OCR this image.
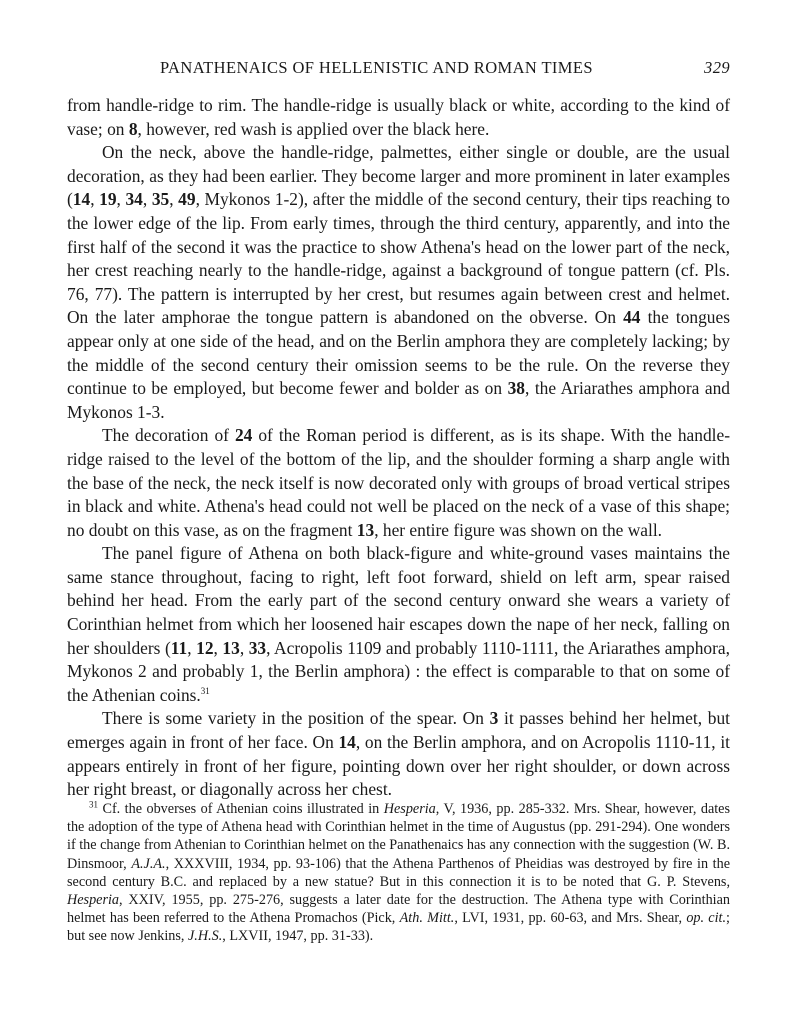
PANATHENAICS OF HELLENISTIC AND ROMAN TIMES	329

from handle-ridge to rim. The handle-ridge is usually black or white, according to the kind of vase; on 8, however, red wash is applied over the black here.

On the neck, above the handle-ridge, palmettes, either single or double, are the usual decoration, as they had been earlier. They become larger and more prominent in later examples (14, 19, 34, 35, 49, Mykonos 1-2), after the middle of the second century, their tips reaching to the lower edge of the lip. From early times, through the third century, apparently, and into the first half of the second it was the practice to show Athena's head on the lower part of the neck, her crest reaching nearly to the handle-ridge, against a background of tongue pattern (cf. Pls. 76, 77). The pattern is interrupted by her crest, but resumes again between crest and helmet. On the later amphorae the tongue pattern is abandoned on the obverse. On 44 the tongues appear only at one side of the head, and on the Berlin amphora they are completely lacking; by the middle of the second century their omission seems to be the rule. On the reverse they continue to be employed, but become fewer and bolder as on 38, the Ariarathes amphora and Mykonos 1-3.

The decoration of 24 of the Roman period is different, as is its shape. With the handle-ridge raised to the level of the bottom of the lip, and the shoulder forming a sharp angle with the base of the neck, the neck itself is now decorated only with groups of broad vertical stripes in black and white. Athena's head could not well be placed on the neck of a vase of this shape; no doubt on this vase, as on the fragment 13, her entire figure was shown on the wall.

The panel figure of Athena on both black-figure and white-ground vases maintains the same stance throughout, facing to right, left foot forward, shield on left arm, spear raised behind her head. From the early part of the second century onward she wears a variety of Corinthian helmet from which her loosened hair escapes down the nape of her neck, falling on her shoulders (11, 12, 13, 33, Acropolis 1109 and probably 1110-1111, the Ariarathes amphora, Mykonos 2 and probably 1, the Berlin amphora) : the effect is comparable to that on some of the Athenian coins.$^{31}$

There is some variety in the position of the spear. On 3 it passes behind her helmet, but emerges again in front of her face. On 14, on the Berlin amphora, and on Acropolis 1110-11, it appears entirely in front of her figure, pointing down over her right shoulder, or down across her right breast, or diagonally across her chest.

$^{31}$ Cf. the obverses of Athenian coins illustrated in Hesperia, V, 1936, pp. 285-332. Mrs. Shear, however, dates the adoption of the type of Athena head with Corinthian helmet in the time of Augustus (pp. 291-294). One wonders if the change from Athenian to Corinthian helmet on the Panathenaics has any connection with the suggestion (W. B. Dinsmoor, A.J.A., XXXVIII, 1934, pp. 93-106) that the Athena Parthenos of Pheidias was destroyed by fire in the second century B.C. and replaced by a new statue? But in this connection it is to be noted that G. P. Stevens, Hesperia, XXIV, 1955, pp. 275-276, suggests a later date for the destruction. The Athena type with Corinthian helmet has been referred to the Athena Promachos (Pick, Ath. Mitt., LVI, 1931, pp. 60-63, and Mrs. Shear, op. cit.; but see now Jenkins, J.H.S., LXVII, 1947, pp. 31-33).
